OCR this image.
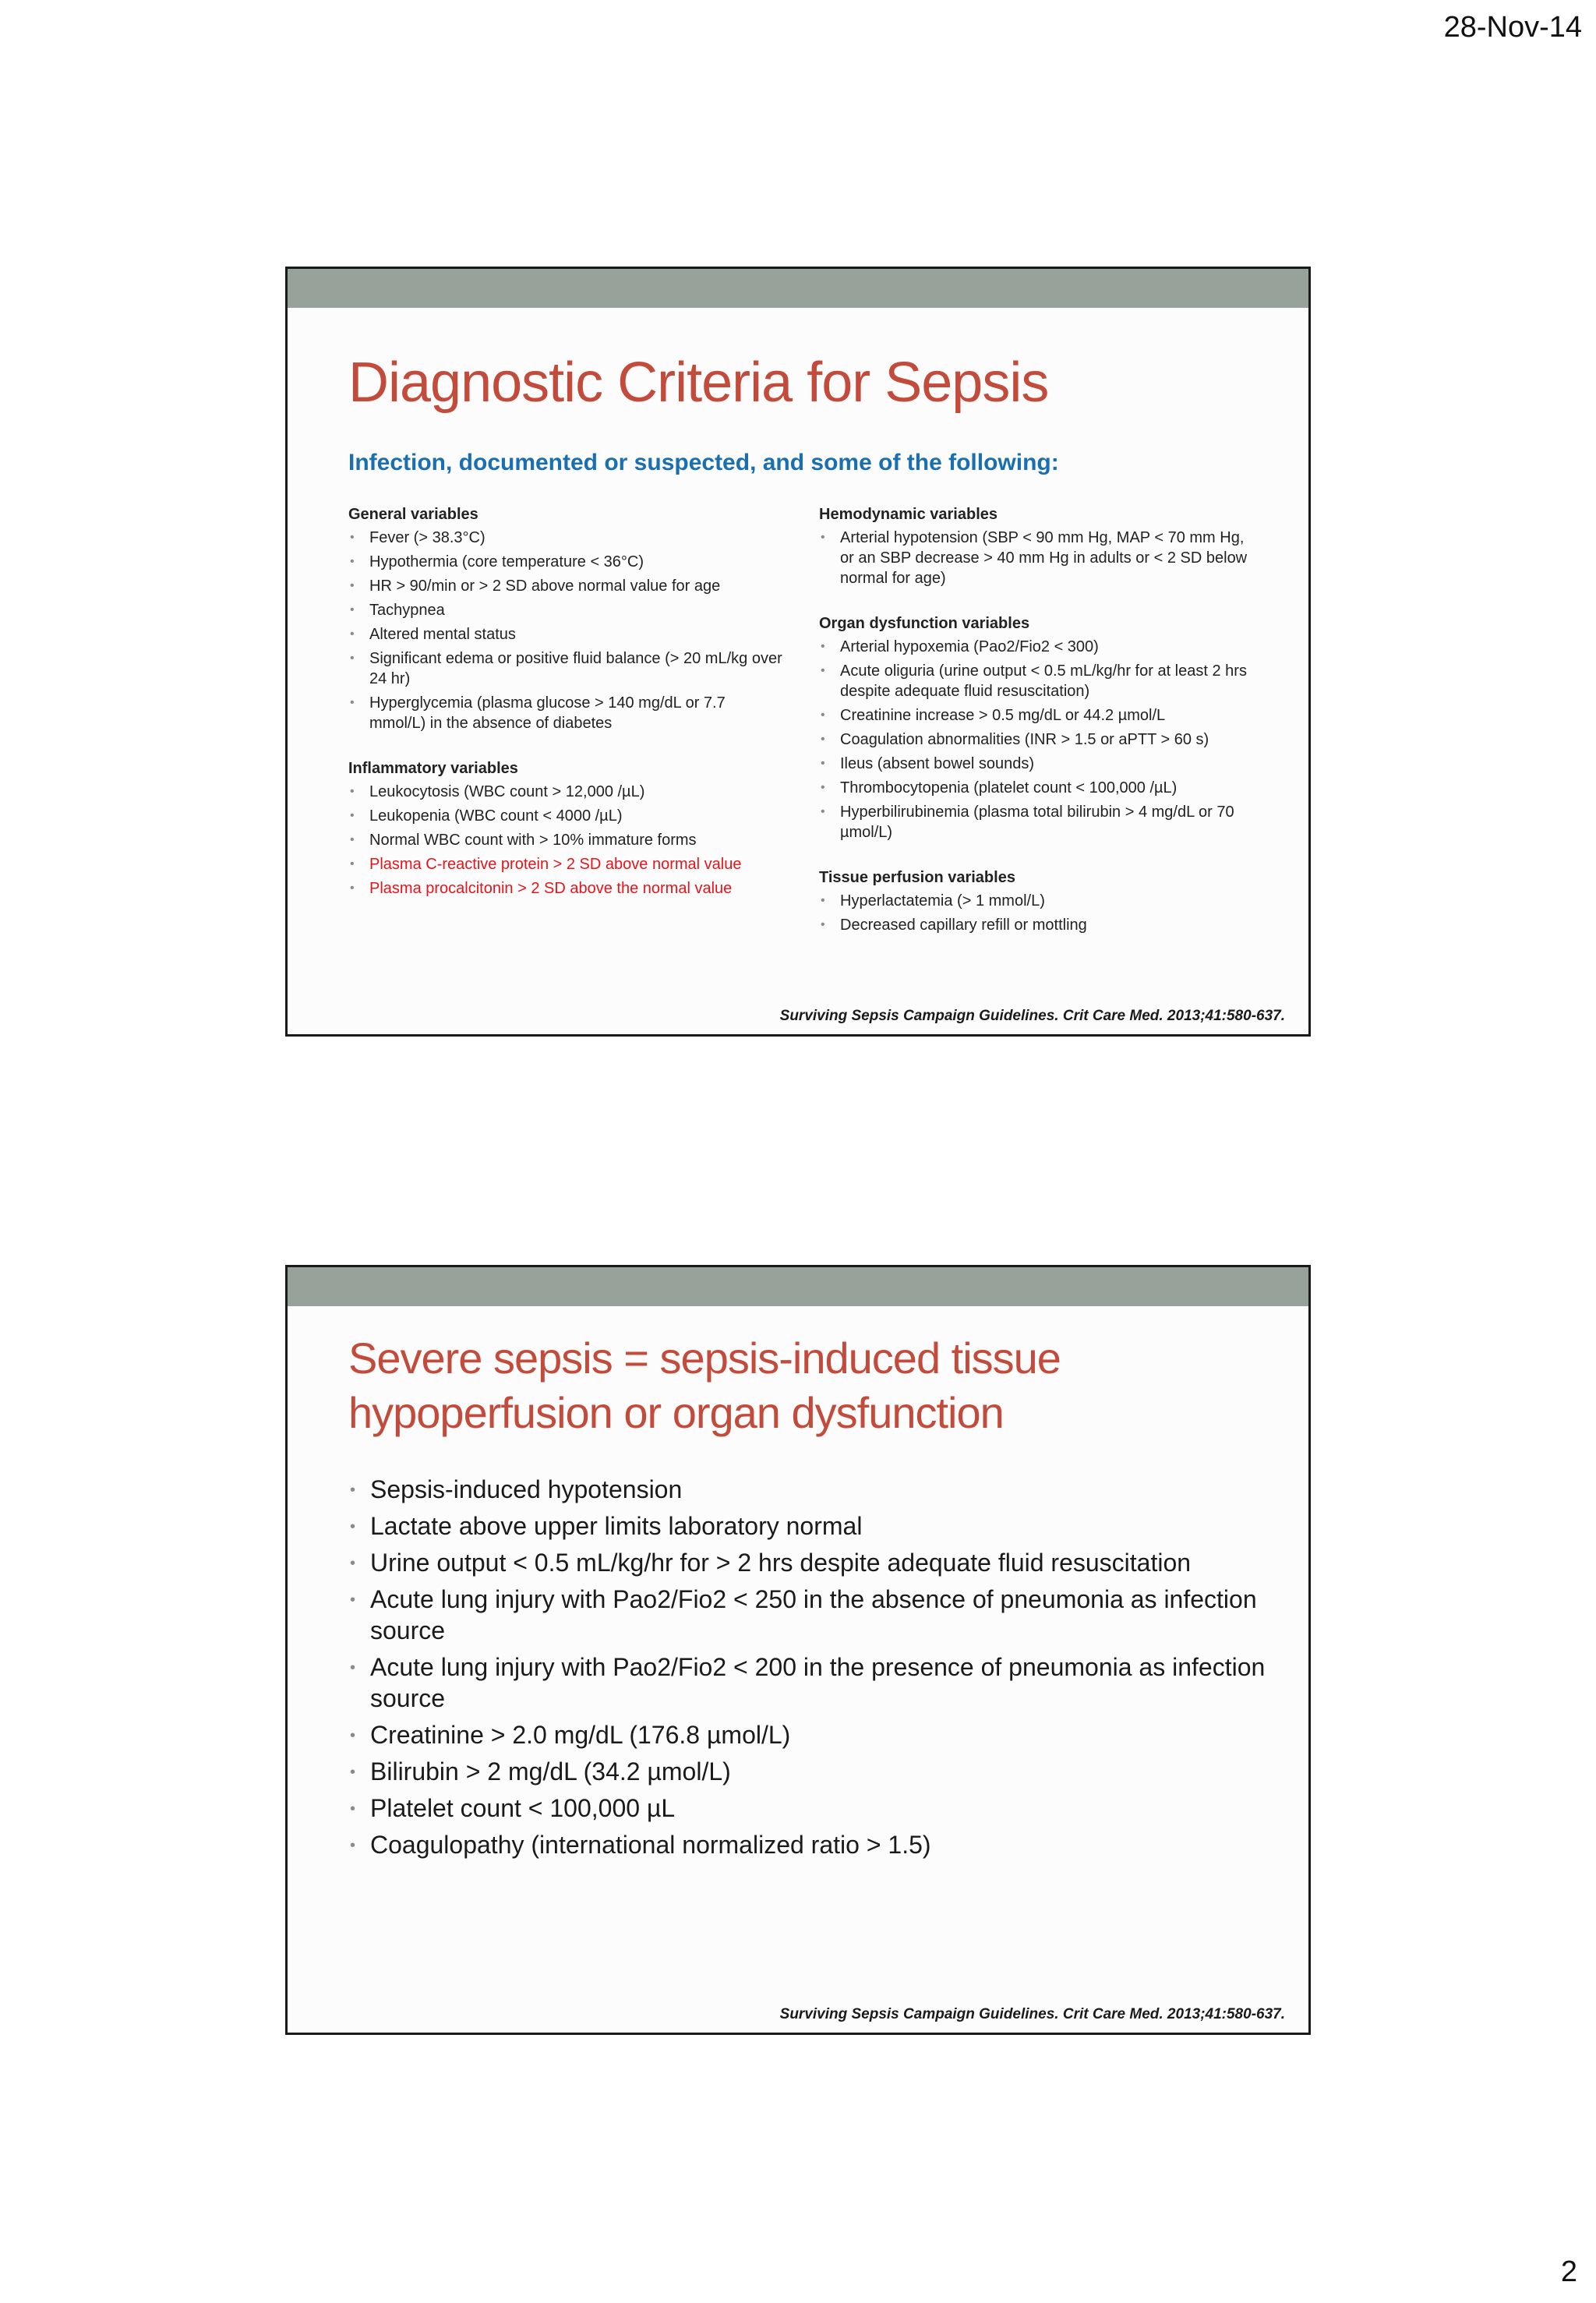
28-Nov-14
Diagnostic Criteria for Sepsis
Infection, documented or suspected, and some of the following:
General variables
• Fever (> 38.3°C)
• Hypothermia (core temperature < 36°C)
• HR > 90/min or > 2 SD above normal value for age
• Tachypnea
• Altered mental status
• Significant edema or positive fluid balance (> 20 mL/kg over 24 hr)
• Hyperglycemia (plasma glucose > 140 mg/dL or 7.7 mmol/L) in the absence of diabetes
Inflammatory variables
• Leukocytosis (WBC count > 12,000 /µL)
• Leukopenia (WBC count < 4000 /µL)
• Normal WBC count with > 10% immature forms
• Plasma C-reactive protein > 2 SD above normal value
• Plasma procalcitonin > 2 SD above the normal value
Hemodynamic variables
• Arterial hypotension (SBP < 90 mm Hg, MAP < 70 mm Hg, or an SBP decrease > 40 mm Hg in adults or < 2 SD below normal for age)
Organ dysfunction variables
• Arterial hypoxemia (Pao2/Fio2 < 300)
• Acute oliguria (urine output < 0.5 mL/kg/hr for at least 2 hrs despite adequate fluid resuscitation)
• Creatinine increase > 0.5 mg/dL or 44.2 µmol/L
• Coagulation abnormalities (INR > 1.5 or aPTT > 60 s)
• Ileus (absent bowel sounds)
• Thrombocytopenia (platelet count < 100,000 /µL)
• Hyperbilirubinemia (plasma total bilirubin > 4 mg/dL or 70 µmol/L)
Tissue perfusion variables
• Hyperlactatemia (> 1 mmol/L)
• Decreased capillary refill or mottling
Surviving Sepsis Campaign Guidelines. Crit Care Med. 2013;41:580-637.
Severe sepsis = sepsis-induced tissue hypoperfusion or organ dysfunction
• Sepsis-induced hypotension
• Lactate above upper limits laboratory normal
• Urine output < 0.5 mL/kg/hr for > 2 hrs despite adequate fluid resuscitation
• Acute lung injury with Pao2/Fio2 < 250 in the absence of pneumonia as infection source
• Acute lung injury with Pao2/Fio2 < 200 in the presence of pneumonia as infection source
• Creatinine > 2.0 mg/dL (176.8 µmol/L)
• Bilirubin > 2 mg/dL (34.2 µmol/L)
• Platelet count < 100,000 µL
• Coagulopathy (international normalized ratio > 1.5)
Surviving Sepsis Campaign Guidelines. Crit Care Med. 2013;41:580-637.
2
